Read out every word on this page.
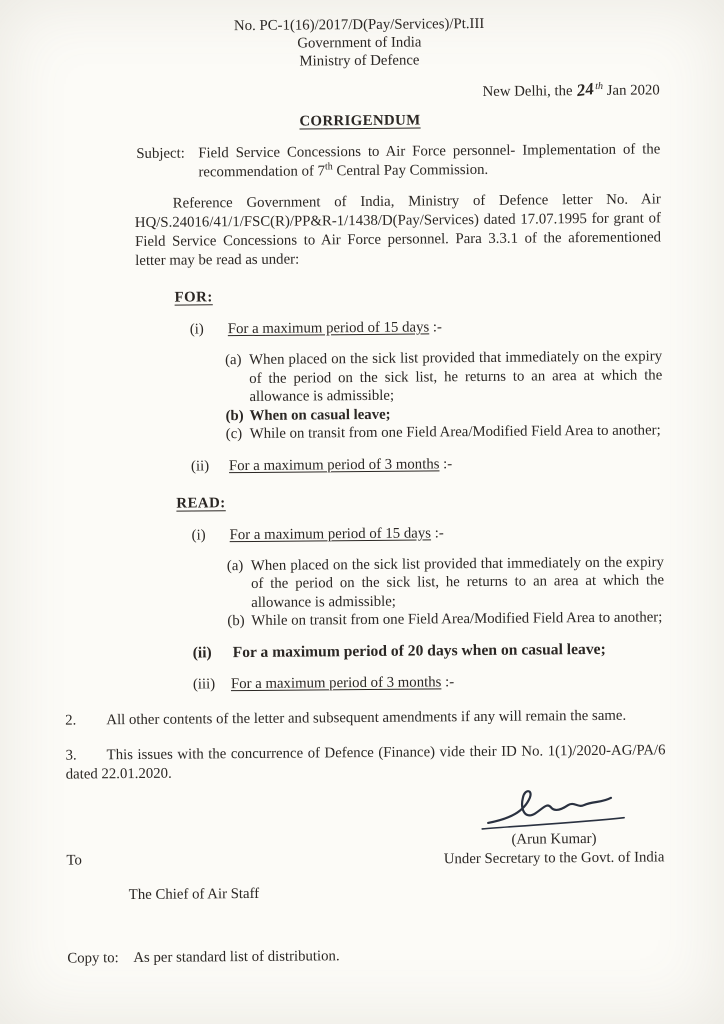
No. PC-1(16)/2017/D(Pay/Services)/Pt.III
Government of India
Ministry of Defence
New Delhi, the 24th Jan 2020
CORRIGENDUM
Subject: Field Service Concessions to Air Force personnel- Implementation of the recommendation of 7th Central Pay Commission.

Reference Government of India, Ministry of Defence letter No. Air HQ/S.24016/41/1/FSC(R)/PP&R-1/1438/D(Pay/Services) dated 17.07.1995 for grant of Field Service Concessions to Air Force personnel. Para 3.3.1 of the aforementioned letter may be read as under:

FOR:
(i)	For a maximum period of 15 days :-
(a) When placed on the sick list provided that immediately on the expiry of the period on the sick list, he returns to an area at which the allowance is admissible;
(b) When on casual leave;
(c) While on transit from one Field Area/Modified Field Area to another;
(ii)	For a maximum period of 3 months :-
READ:
(i)	For a maximum period of 15 days :-
(a) When placed on the sick list provided that immediately on the expiry of the period on the sick list, he returns to an area at which the allowance is admissible;
(b) While on transit from one Field Area/Modified Field Area to another;
(ii)	For a maximum period of 20 days when on casual leave;
(iii)	For a maximum period of 3 months :-

2. All other contents of the letter and subsequent amendments if any will remain the same.

3. This issues with the concurrence of Defence (Finance) vide their ID No. 1(1)/2020-AG/PA/6 dated 22.01.2020.

To
(Arun Kumar)
Under Secretary to the Govt. of India
The Chief of Air Staff
Copy to: As per standard list of distribution.
